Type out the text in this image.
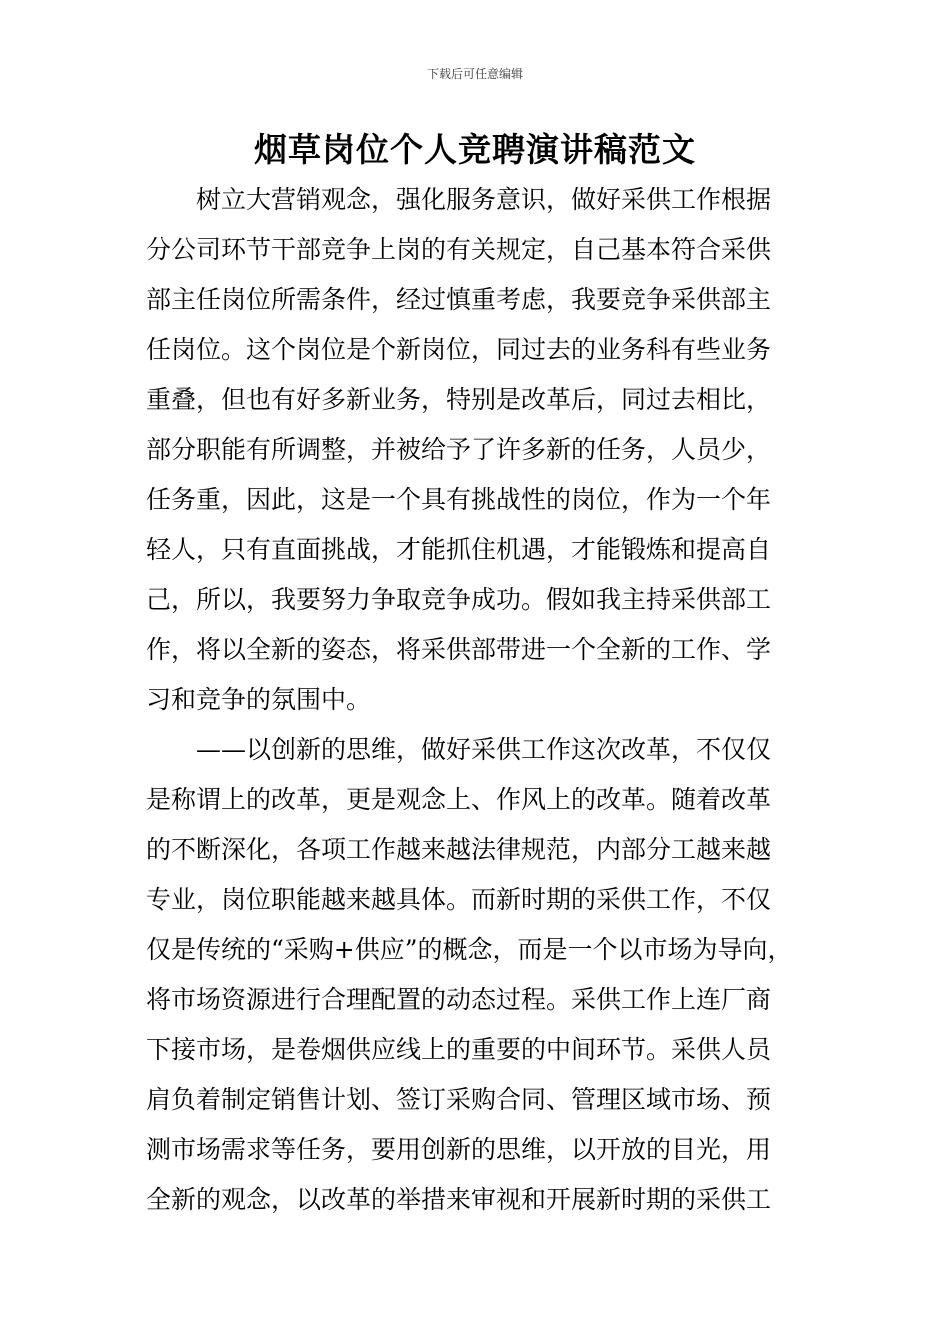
下载后可任意编辑
烟草岗位个人竞聘演讲稿范文
树立大营销观念，强化服务意识，做好采供工作根据
分公司环节干部竞争上岗的有关规定，自己基本符合采供
部主任岗位所需条件，经过慎重考虑，我要竞争采供部主
任岗位。这个岗位是个新岗位，同过去的业务科有些业务
重叠，但也有好多新业务，特别是改革后，同过去相比，
部分职能有所调整，并被给予了许多新的任务，人员少，
任务重，因此，这是一个具有挑战性的岗位，作为一个年
轻人，只有直面挑战，才能抓住机遇，才能锻炼和提高自
己，所以，我要努力争取竞争成功。假如我主持采供部工
作，将以全新的姿态，将采供部带进一个全新的工作、学
习和竞争的氛围中。
——以创新的思维，做好采供工作这次改革，不仅仅
是称谓上的改革，更是观念上、作风上的改革。随着改革
的不断深化，各项工作越来越法律规范，内部分工越来越
专业，岗位职能越来越具体。而新时期的采供工作，不仅
仅是传统的“采购+供应”的概念，而是一个以市场为导向，
将市场资源进行合理配置的动态过程。采供工作上连厂商
下接市场，是卷烟供应线上的重要的中间环节。采供人员
肩负着制定销售计划、签订采购合同、管理区域市场、预
测市场需求等任务，要用创新的思维，以开放的目光，用
全新的观念，以改革的举措来审视和开展新时期的采供工
